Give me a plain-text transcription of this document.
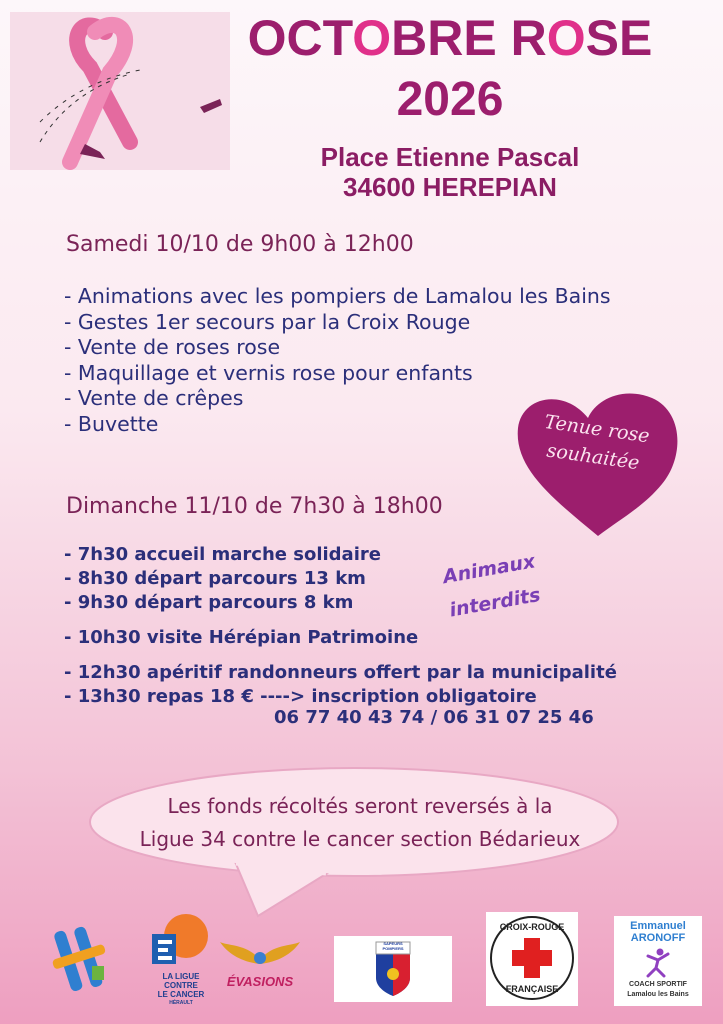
OCTOBRE ROSE
2026
Place Etienne Pascal
34600 HEREPIAN
Samedi 10/10 de 9h00 à 12h00
- Animations avec les pompiers de Lamalou les Bains
- Gestes 1er secours par la Croix Rouge
- Vente de roses rose
- Maquillage et vernis rose pour enfants
- Vente de crêpes
- Buvette	Tenue rose
souhaitée
Dimanche 11/10 de 7h30 à 18h00
- 7h30 accueil marche solidaire
- 8h30 départ parcours 13 km
- 9h30 départ parcours 8 km
- 10h30 visite Hérépian Patrimoine
- 12h30 apéritif randonneurs offert par la municipalité
- 13h30 repas 18 € ----> inscription obligatoire
06 77 40 43 74 / 06 31 07 25 46
Animaux
interdits
Les fonds récoltés seront reversés à la
Ligue 34 contre le cancer section Bédarieux
LA LIGUE
CONTRE
LE CANCER
HÉRAULT
ÉVASIONS
SAPEURS
POMPIERS
CROIX-ROUGE
FRANÇAISE
Emmanuel
ARONOFF
COACH SPORTIF
Lamalou les Bains
